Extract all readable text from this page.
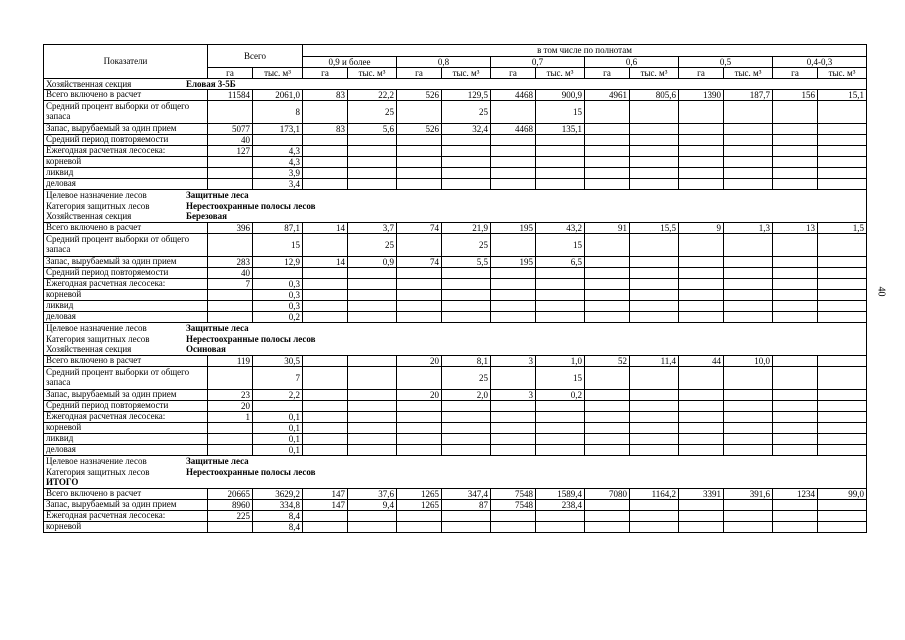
Показатели	Всего		в том числе по полнотам											
			0,9 и более		0,8		0,7		0,6		0,5		0,4-0,3	
	га	тыс. м³	га	тыс. м³	га	тыс. м³	га	тыс. м³	га	тыс. м³	га	тыс. м³	га	тыс. м³
Хозяйственная секция Еловая 3-5Б														
Всего включено в расчет	11584	2061,0	83	22,2	526	129,5	4468	900,9	4961	805,6	1390	187,7	156	15,1
Средний процент выборки от общего запаса		8		25		25		15						
Запас, вырубаемый за один прием	5077	173,1	83	5,6	526	32,4	4468	135,1						
Средний период повторяемости	40													
Ежегодная расчетная лесосека:	127	4,3												
корневой		4,3												
ликвид		3,9												
деловая		3,4												
Целевое назначение лесов Защитные леса														
Категория защитных лесов Нерестоохранные полосы лесов														
Хозяйственная секция Березовая														
Всего включено в расчет	396	87,1	14	3,7	74	21,9	195	43,2	91	15,5	9	1,3	13	1,5
Средний процент выборки от общего запаса		15		25		25		15						
Запас, вырубаемый за один прием	283	12,9	14	0,9	74	5,5	195	6,5						
Средний период повторяемости	40													
Ежегодная расчетная лесосека:	7	0,3												
корневой		0,3												
ликвид		0,3												
деловая		0,2												
Целевое назначение лесов Защитные леса														
Категория защитных лесов Нерестоохранные полосы лесов														
Хозяйственная секция Осиновая														
Всего включено в расчет	119	30,5			20	8,1	3	1,0	52	11,4	44	10,0		
Средний процент выборки от общего запаса		7				25		15						
Запас, вырубаемый за один прием	23	2,2			20	2,0	3	0,2						
Средний период повторяемости	20													
Ежегодная расчетная лесосека:	1	0,1												
корневой		0,1												
ликвид		0,1												
деловая		0,1												
Целевое назначение лесов Защитные леса														
Категория защитных лесов Нерестоохранные полосы лесов														
ИТОГО														
Всего включено в расчет	20665	3629,2	147	37,6	1265	347,4	7548	1589,4	7080	1164,2	3391	391,6	1234	99,0
Запас, вырубаемый за один прием	8960	334,8	147	9,4	1265	87	7548	238,4						
Ежегодная расчетная лесосека:	225	8,4												
корневой		8,4												
40
